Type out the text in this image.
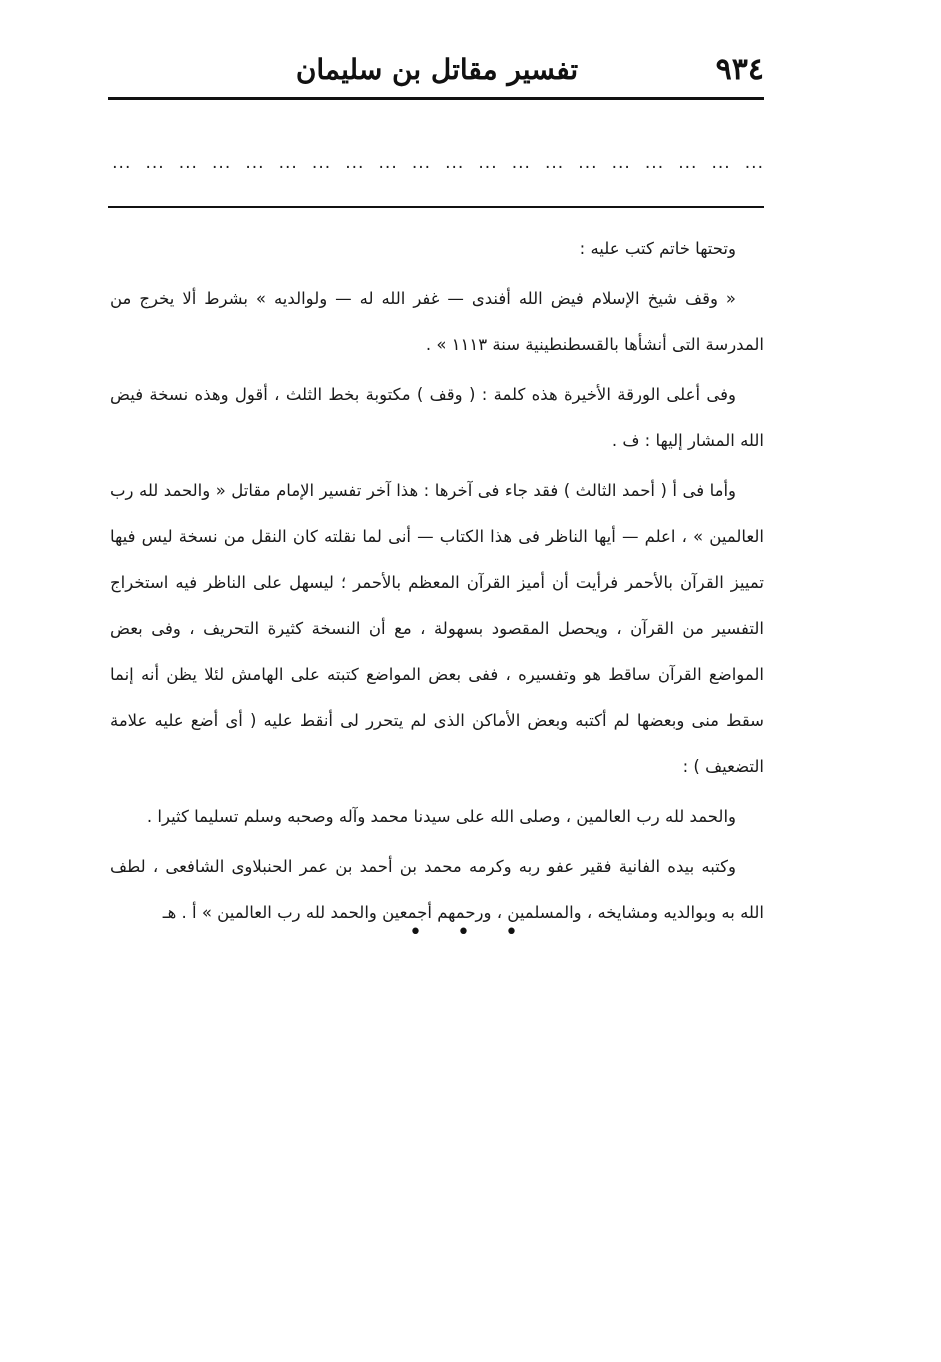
٩٣٤
تفسير مقاتل بن سليمان
...
...
...
...
...
...
...
...
...
...
...
...
...
...
...
...
...
...
...
...

وتحتها خاتم كتب عليه :

« وقف شيخ الإسلام فيض الله أفندى — غفر الله له — ولوالديه » بشرط ألا يخرج من المدرسة التى أنشأها بالقسطنطينية سنة ١١١٣ » .

وفى أعلى الورقة الأخيرة هذه كلمة : ( وقف ) مكتوبة بخط الثلث ، أقول وهذه نسخة فيض الله المشار إليها : ف .

وأما فى أ ( أحمد الثالث ) فقد جاء فى آخرها : هذا آخر تفسير الإمام مقاتل « والحمد لله رب العالمين » ، اعلم — أيها الناظر فى هذا الكتاب — أنى لما نقلته كان النقل من نسخة ليس فيها تمييز القرآن بالأحمر فرأيت أن أميز القرآن المعظم بالأحمر ؛ ليسهل على الناظر فيه استخراج التفسير من القرآن ، ويحصل المقصود بسهولة ، مع أن النسخة كثيرة التحريف ، وفى بعض المواضع القرآن ساقط هو وتفسيره ، ففى بعض المواضع كتبته على الهامش لئلا يظن أنه إنما سقط منى وبعضها لم أكتبه وبعض الأماكن الذى لم يتحرر لى أنقط عليه ( أى أضع عليه علامة التضعيف ) :

والحمد لله رب العالمين ، وصلى الله على سيدنا محمد وآله وصحبه وسلم تسليما كثيرا .

وكتبه بيده الفانية فقير عفو ربه وكرمه محمد بن أحمد بن عمر الحنبلاوى الشافعى ، لطف الله به وبوالديه ومشايخه ، والمسلمين ، ورحمهم أجمعين والحمد لله رب العالمين » أ . هـ

• • •
